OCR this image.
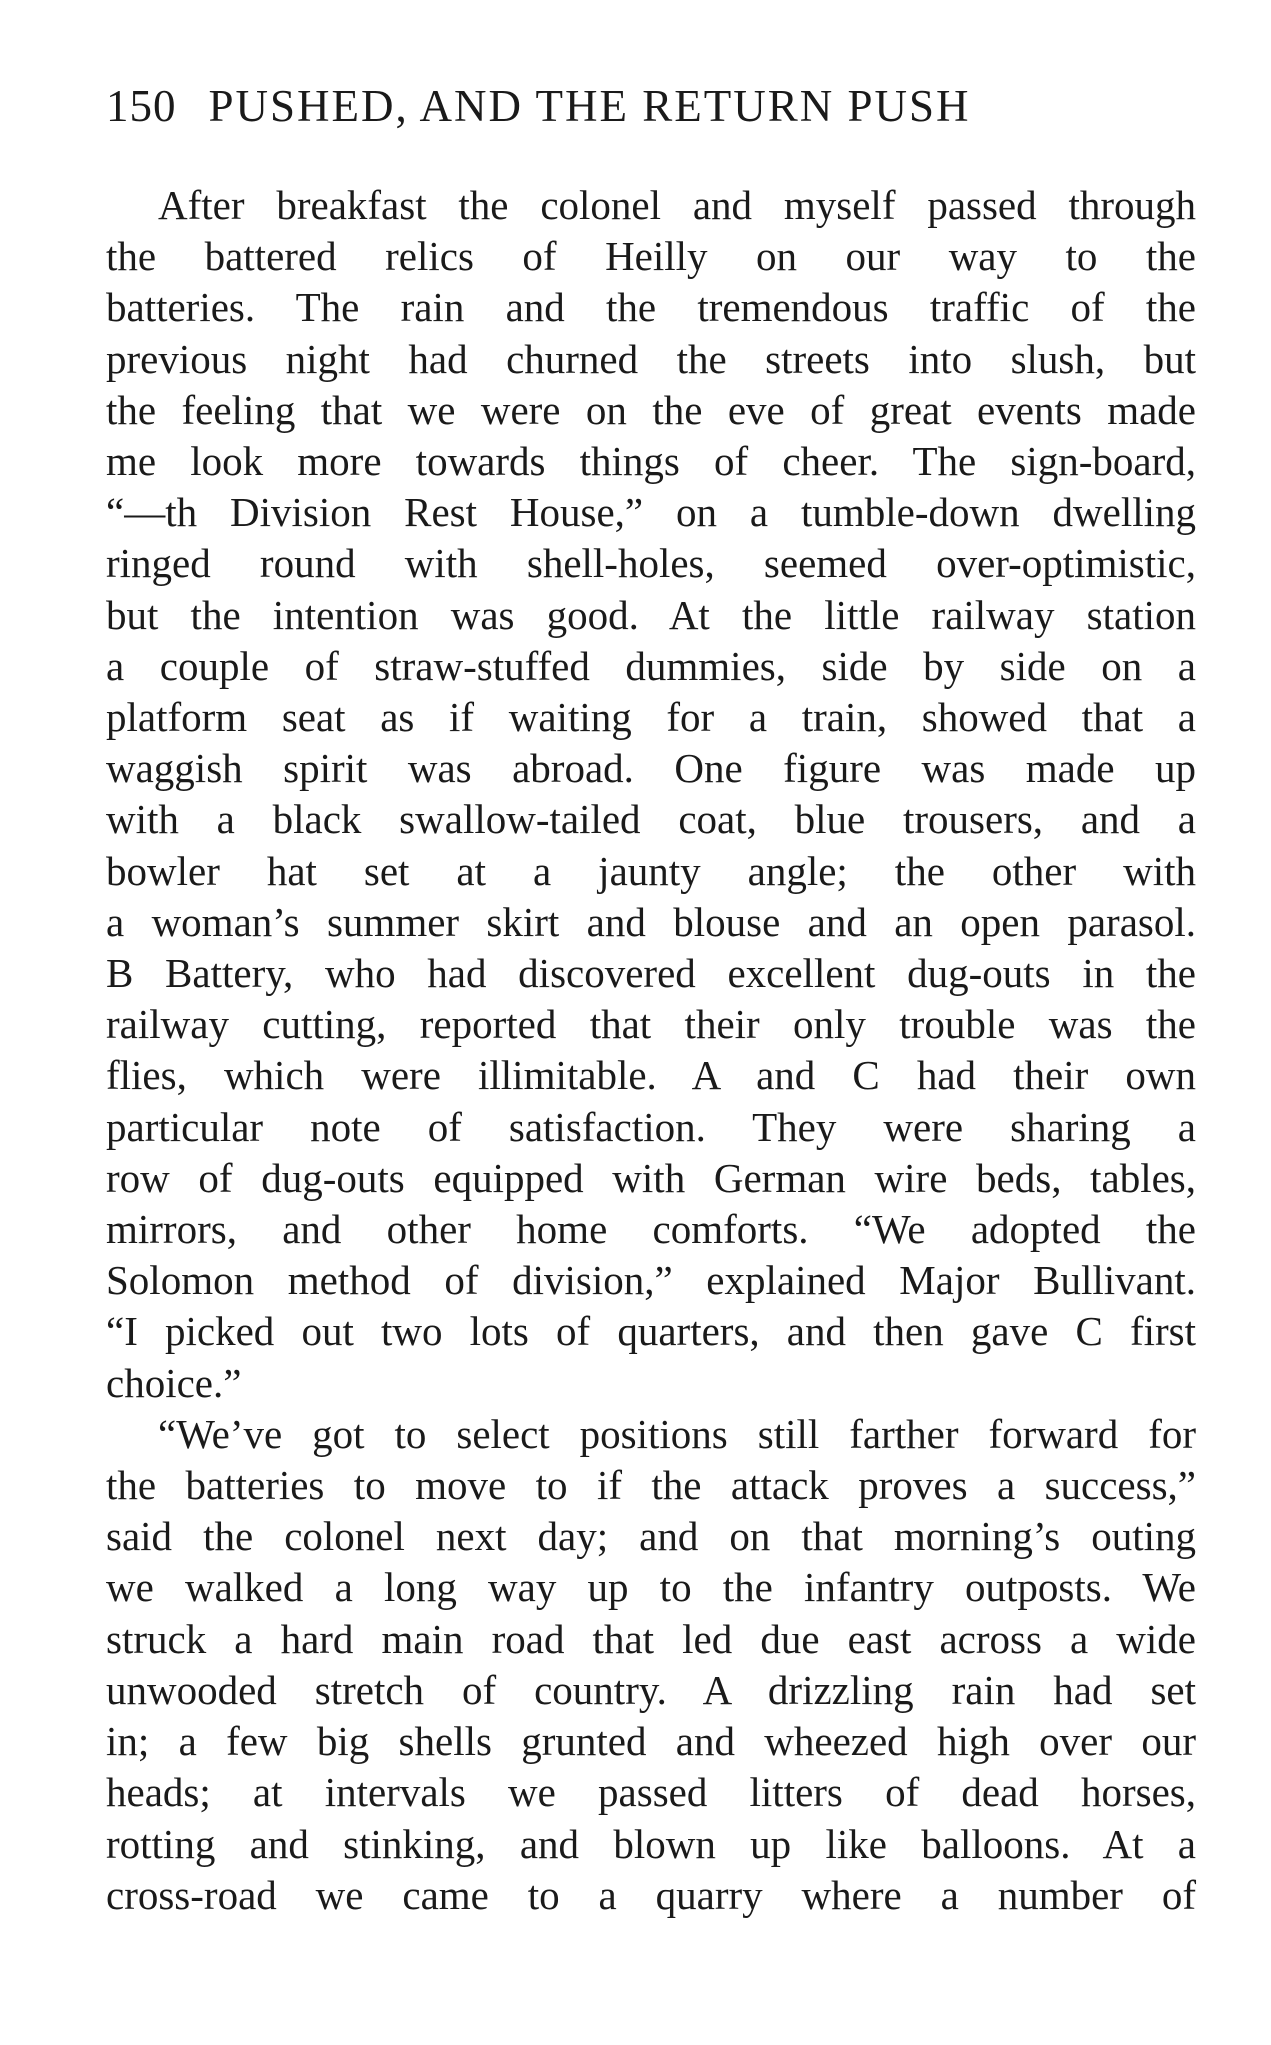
150 PUSHED, AND THE RETURN PUSH
After breakfast the colonel and myself passed through
the battered relics of Heilly on our way to the
batteries. The rain and the tremendous traffic of the
previous night had churned the streets into slush, but
the feeling that we were on the eve of great events made
me look more towards things of cheer. The sign-board,
“—th Division Rest House,” on a tumble-down dwelling
ringed round with shell-holes, seemed over-optimistic,
but the intention was good. At the little railway station
a couple of straw-stuffed dummies, side by side on a
platform seat as if waiting for a train, showed that a
waggish spirit was abroad. One figure was made up
with a black swallow-tailed coat, blue trousers, and a
bowler hat set at a jaunty angle; the other with
a woman’s summer skirt and blouse and an open parasol.
B Battery, who had discovered excellent dug-outs in the
railway cutting, reported that their only trouble was the
flies, which were illimitable. A and C had their own
particular note of satisfaction. They were sharing a
row of dug-outs equipped with German wire beds, tables,
mirrors, and other home comforts. “We adopted the
Solomon method of division,” explained Major Bullivant.
“I picked out two lots of quarters, and then gave C first
choice.”
“We’ve got to select positions still farther forward for
the batteries to move to if the attack proves a success,”
said the colonel next day; and on that morning’s outing
we walked a long way up to the infantry outposts. We
struck a hard main road that led due east across a wide
unwooded stretch of country. A drizzling rain had set
in; a few big shells grunted and wheezed high over our
heads; at intervals we passed litters of dead horses,
rotting and stinking, and blown up like balloons. At a
cross-road we came to a quarry where a number of
